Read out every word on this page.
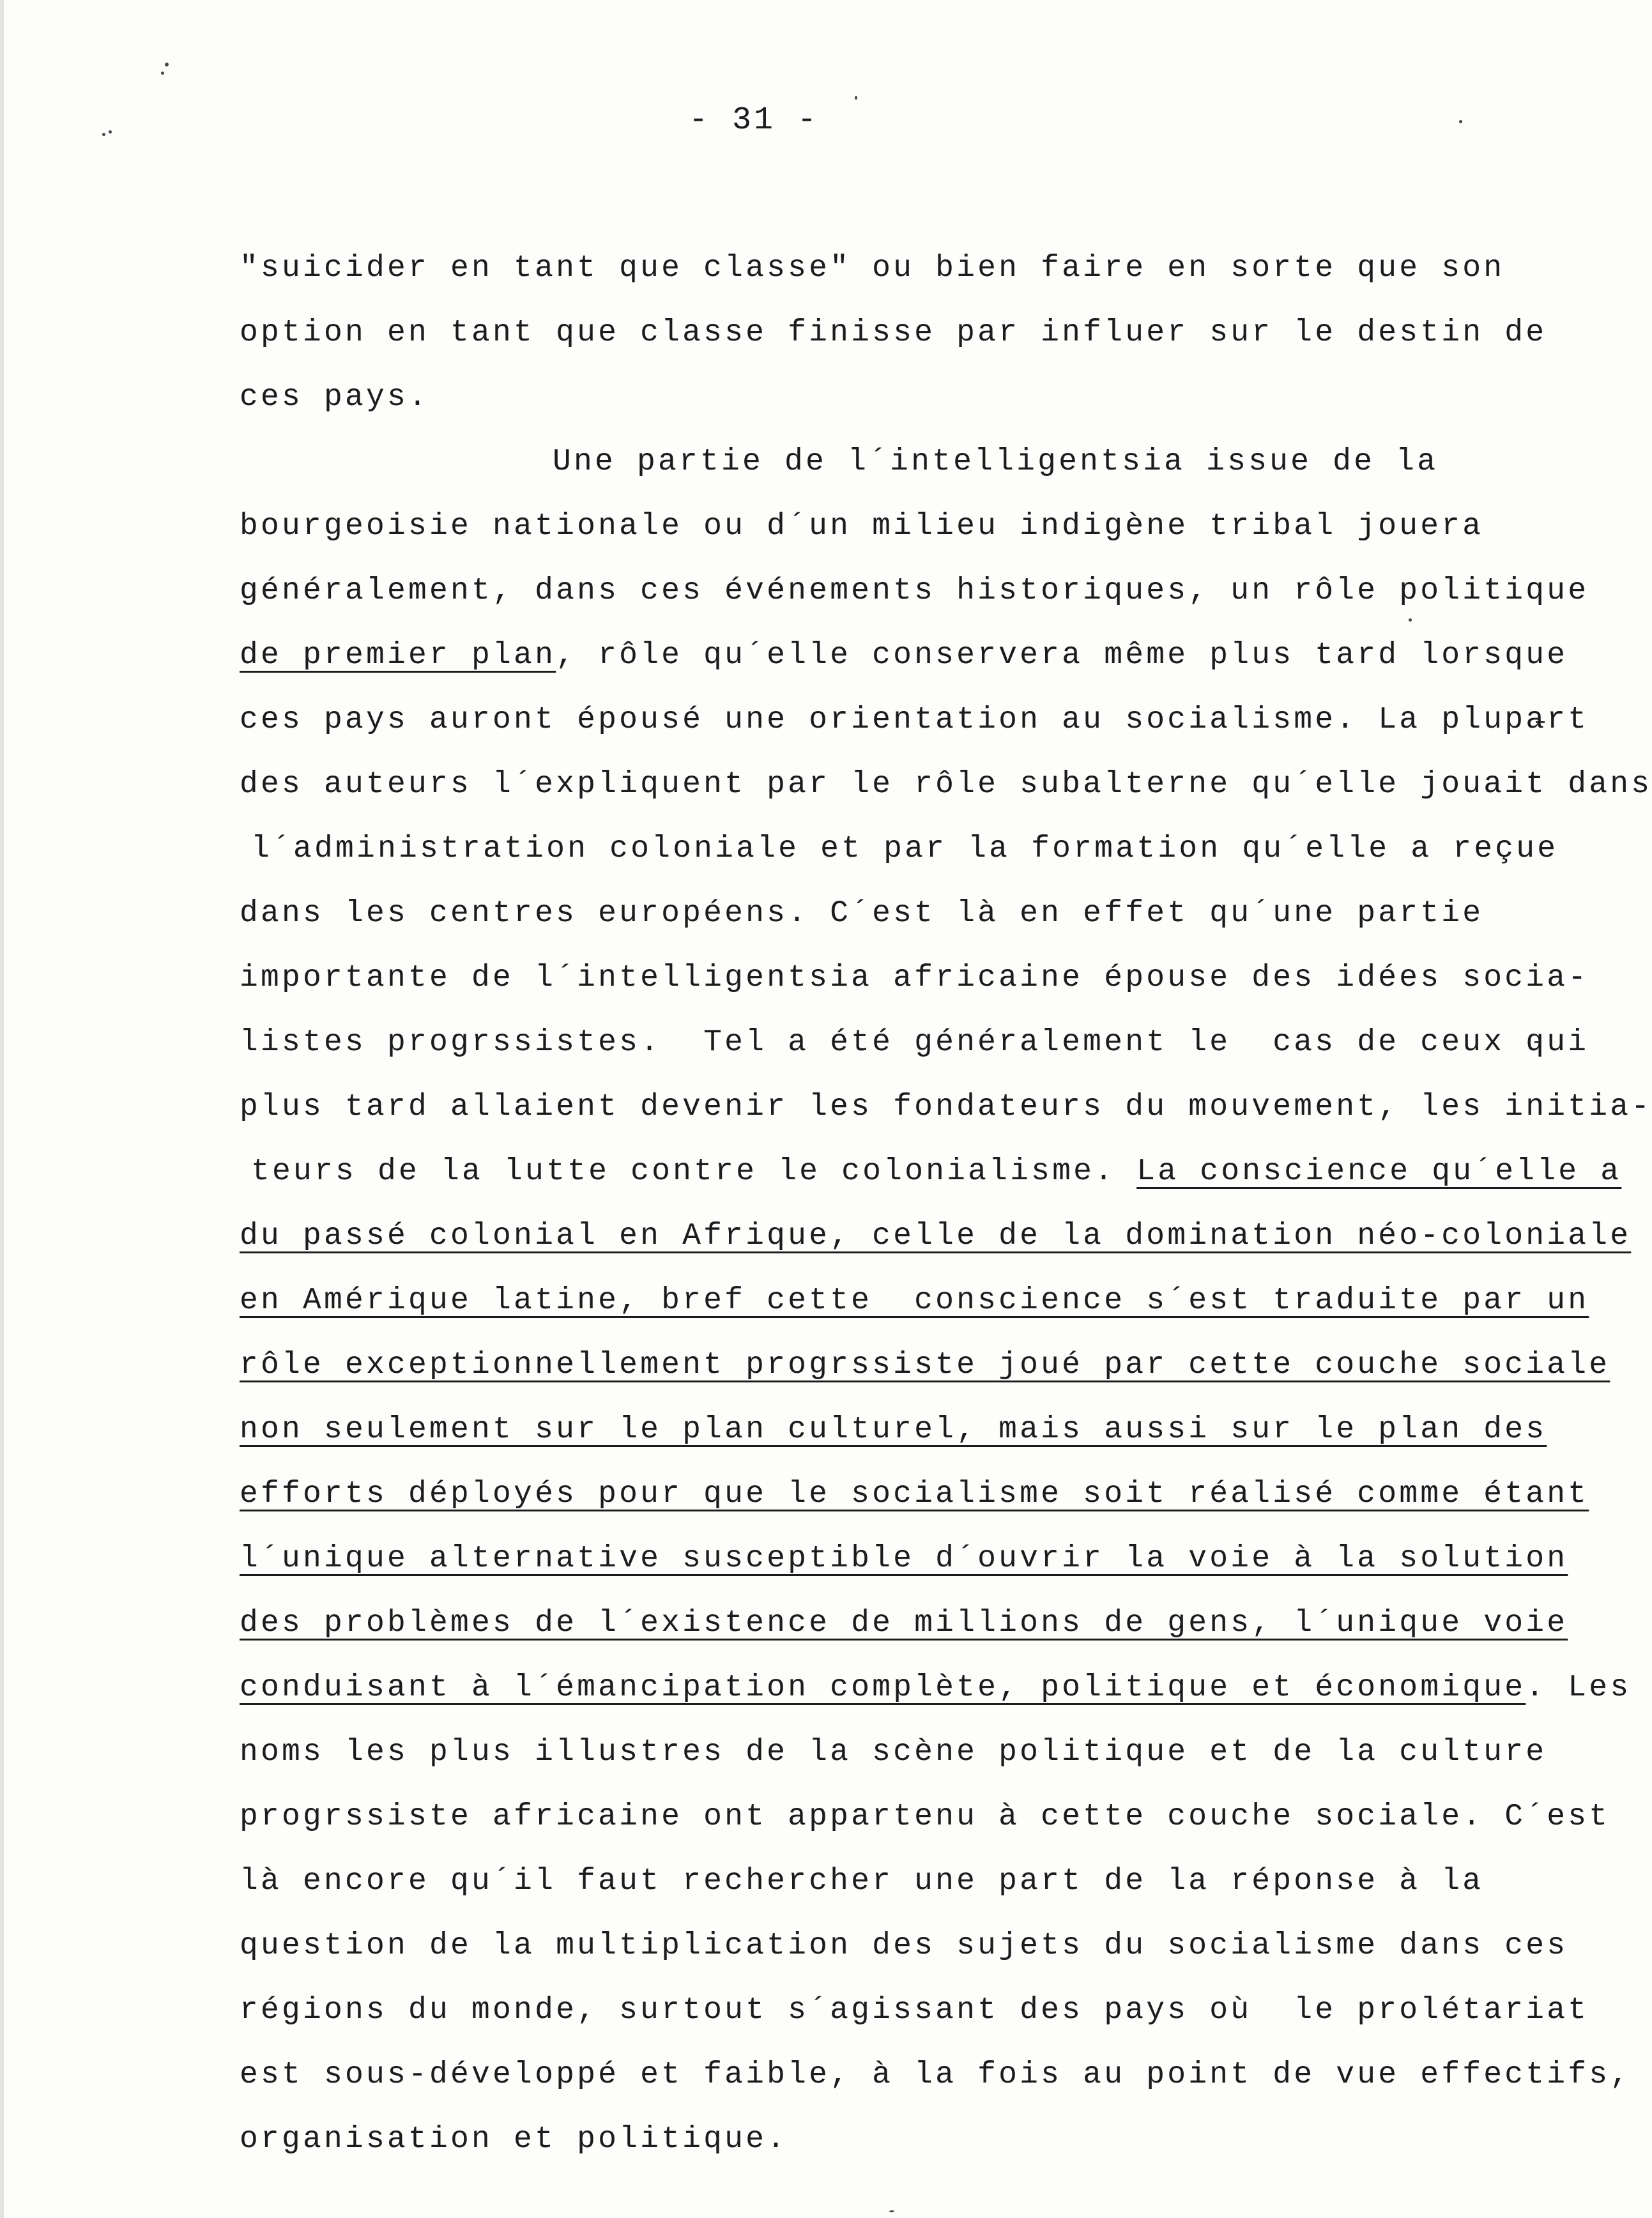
- 31 -
"suicider en tant que classe" ou bien faire en sorte que son
option en tant que classe finisse par influer sur le destin de
ces pays.
Une partie de l´intelligentsia issue de la
bourgeoisie nationale ou d´un milieu indigène tribal jouera
généralement, dans ces événements historiques, un rôle politique
de premier plan, rôle qu´elle conservera même plus tard lorsque
ces pays auront épousé une orientation au socialisme. La plupart
des auteurs l´expliquent par le rôle subalterne qu´elle jouait dans
l´administration coloniale et par la formation qu´elle a reçue
dans les centres européens. C´est là en effet qu´une partie
importante de l´intelligentsia africaine épouse des idées socia-
listes progrssistes.  Tel a été généralement le  cas de ceux qui
plus tard allaient devenir les fondateurs du mouvement, les initia-
teurs de la lutte contre le colonialisme. La conscience qu´elle a
du passé colonial en Afrique, celle de la domination néo-coloniale
en Amérique latine, bref cette  conscience s´est traduite par un
rôle exceptionnellement progrssiste joué par cette couche sociale
non seulement sur le plan culturel, mais aussi sur le plan des
efforts déployés pour que le socialisme soit réalisé comme étant
l´unique alternative susceptible d´ouvrir la voie à la solution
des problèmes de l´existence de millions de gens, l´unique voie
conduisant à l´émancipation complète, politique et économique. Les
noms les plus illustres de la scène politique et de la culture
progrssiste africaine ont appartenu à cette couche sociale. C´est
là encore qu´il faut rechercher une part de la réponse à la
question de la multiplication des sujets du socialisme dans ces
régions du monde, surtout s´agissant des pays où  le prolétariat
est sous-développé et faible, à la fois au point de vue effectifs,
organisation et politique.
